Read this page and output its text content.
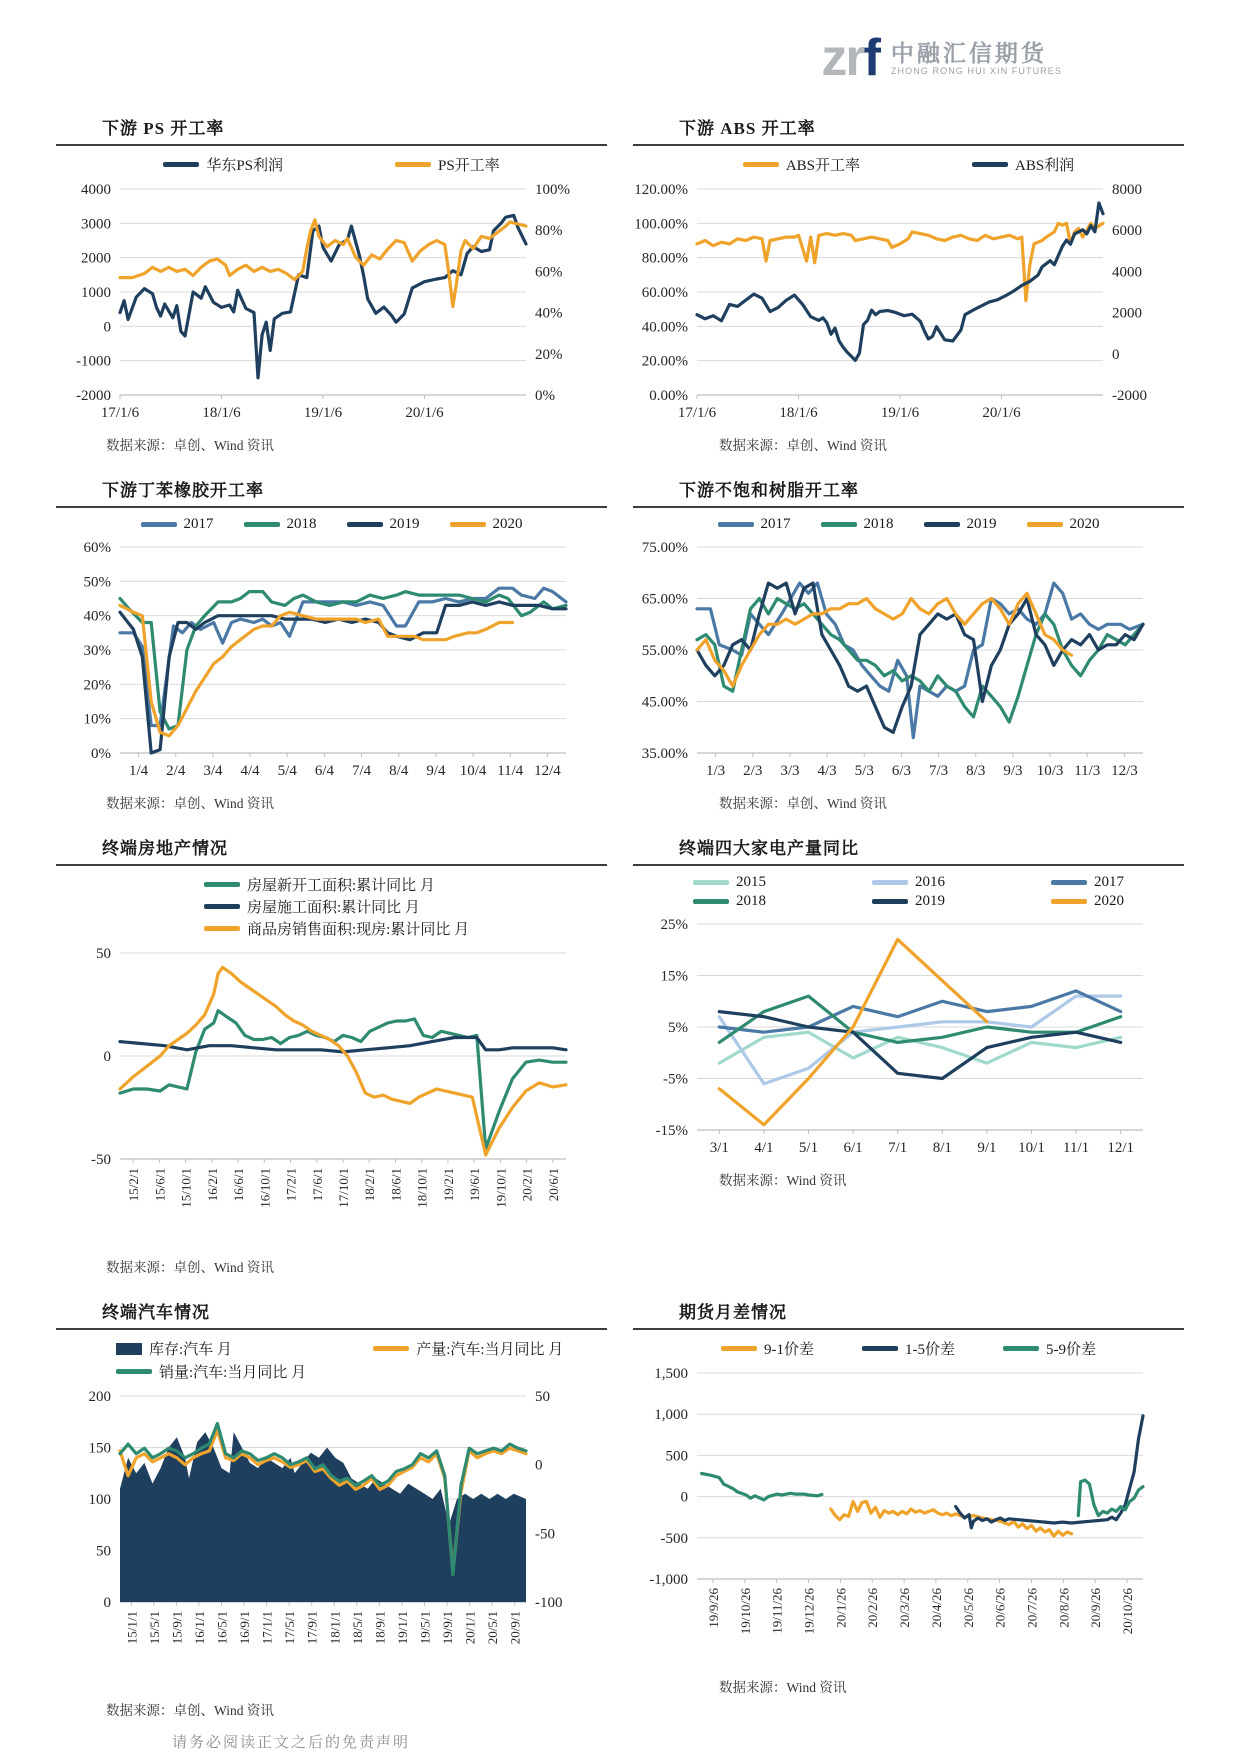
zrf 中融汇信期货
ZHONG RONG HUI XIN FUTURES
下游 PS 开工率
华东PS利润	PS开工率
4000
3000
2000
1000
0
-1000
-2000
100%
80%
60%
40%
20%
0%
17/1/6	18/1/6	19/1/6	20/1/6
数据来源：卓创、Wind 资讯
下游 ABS 开工率
ABS开工率	ABS利润
120.00%
100.00%
80.00%
60.00%
40.00%
20.00%
0.00%
8000
6000
4000
2000
0
-2000
17/1/6	18/1/6	19/1/6	20/1/6
数据来源：卓创、Wind 资讯
下游丁苯橡胶开工率
2017	2018	2019	2020
60%
50%
40%
30%
20%
10%
0%
1/4 2/4 3/4 4/4 5/4 6/4 7/4 8/4 9/4 10/4 11/4 12/4
数据来源：卓创、Wind 资讯
下游不饱和树脂开工率
2017	2018	2019	2020
75.00%
65.00%
55.00%
45.00%
35.00%
1/3 2/3 3/3 4/3 5/3 6/3 7/3 8/3 9/3 10/3 11/3 12/3
数据来源：卓创、Wind 资讯
终端房地产情况
房屋新开工面积:累计同比 月
房屋施工面积:累计同比 月
商品房销售面积:现房:累计同比 月
50
0
-50
15/2/1 15/6/1 15/10/1 16/2/1 16/6/1 16/10/1 17/2/1 17/6/1 17/10/1 18/2/1 18/6/1 18/10/1 19/2/1 19/6/1 19/10/1 20/2/1 20/6/1
数据来源：卓创、Wind 资讯
终端四大家电产量同比
2015	2016	2017
2018	2019	2020
25%
15%
5%
-5%
-15%
3/1 4/1 5/1 6/1 7/1 8/1 9/1 10/1 11/1 12/1
数据来源：Wind 资讯
终端汽车情况
库存:汽车 月	产量:汽车:当月同比 月
销量:汽车:当月同比 月
200
150
100
50
0
50
0
-50
-100
15/1/1 15/5/1 15/9/1 16/1/1 16/5/1 16/9/1 17/1/1 17/5/1 17/9/1 18/1/1 18/5/1 18/9/1 19/1/1 19/5/1 19/9/1 20/1/1 20/5/1 20/9/1
数据来源：卓创、Wind 资讯
期货月差情况
9-1价差	1-5价差	5-9价差
1,500
1,000
500
0
-500
-1,000
19/9/26 19/10/26 19/11/26 19/12/26 20/1/26 20/2/26 20/3/26 20/4/26 20/5/26 20/6/26 20/7/26 20/8/26 20/9/26 20/10/26
数据来源：Wind 资讯
请务必阅读正文之后的免责声明
